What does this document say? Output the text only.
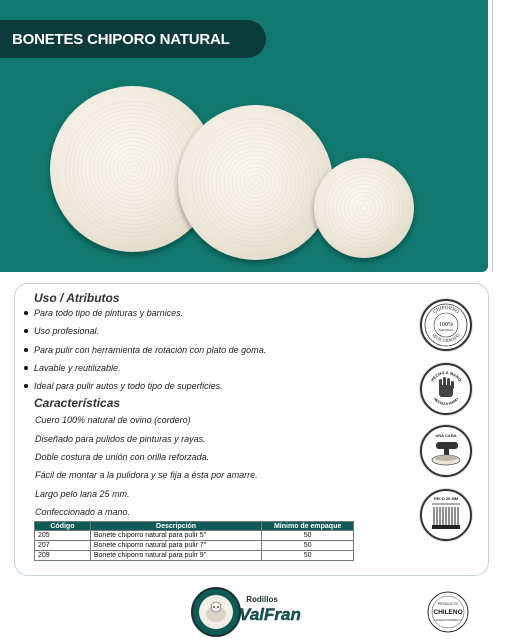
BONETES CHIPORO NATURAL
Uso / Atributos
Para todo tipo de pinturas y barnices.
Uso profesional.
Para pulir con herramienta de rotación con plato de goma.
Lavable y reutilizable.
Ideal para pulir autos y todo tipo de superficies.
Características
Cuero 100% natural de ovino (cordero)
Diseñado para pulidos de pinturas y rayas.
Doble costura de unión con orilla reforzada.
Fácil de montar a la pulidora y se fija a ésta por amarre.
Largo pelo lana 25 mm.
Confeccionado a mano.
Código	Descripción	Mínimo de empaque
205	Bonete chiporro natural para pulir 5"	50
207	Bonete chiporro natural para pulir 7"	50
209	Bonete chiporro natural para pulir 9"	50
CHIPORRO
SELECCIONADO
100%
NATURAL
HECHO A MANO
HECHO A MANO
UNA CARA
PELO 20 MM
Rodillos
ValFran
PRODUCTO
CHILENO
CHILEAN PRODUCT
